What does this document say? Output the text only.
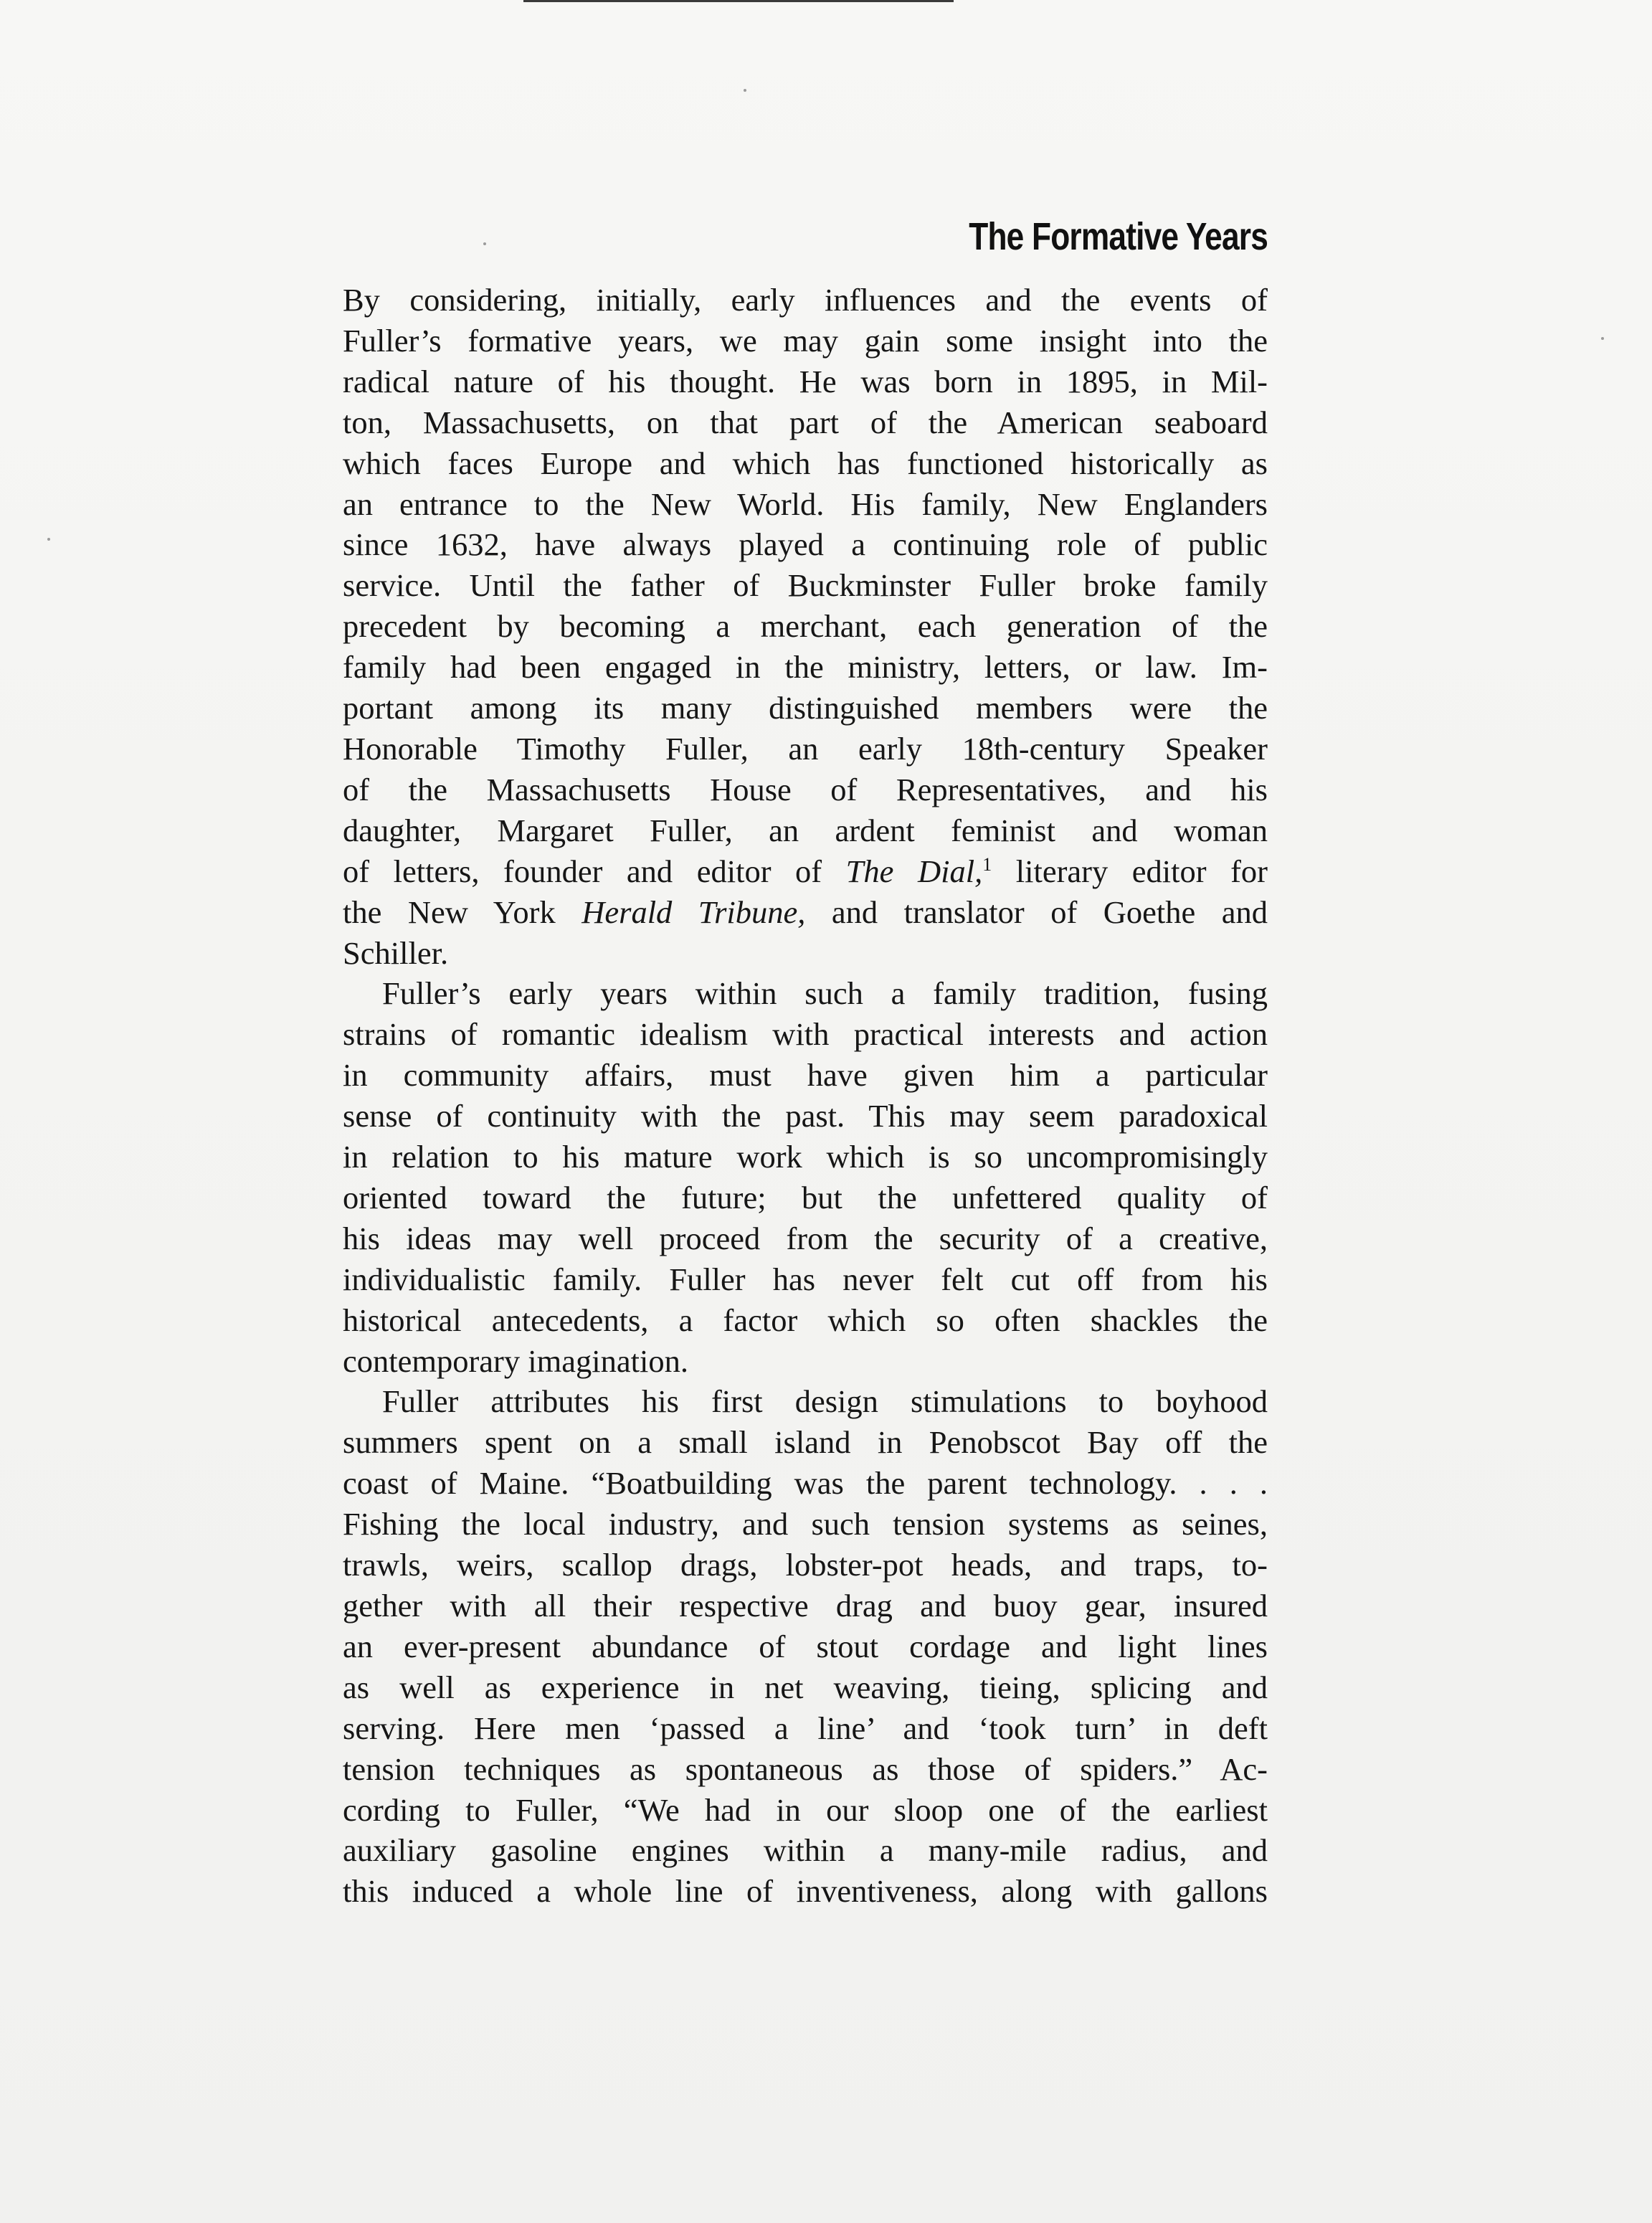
The Formative Years

By considering, initially, early influences and the events of
Fuller’s formative years, we may gain some insight into the
radical nature of his thought. He was born in 1895, in Mil-
ton, Massachusetts, on that part of the American seaboard
which faces Europe and which has functioned historically as
an entrance to the New World. His family, New Englanders
since 1632, have always played a continuing role of public
service. Until the father of Buckminster Fuller broke family
precedent by becoming a merchant, each generation of the
family had been engaged in the ministry, letters, or law. Im-
portant among its many distinguished members were the
Honorable Timothy Fuller, an early 18th-century Speaker
of the Massachusetts House of Representatives, and his
daughter, Margaret Fuller, an ardent feminist and woman
of letters, founder and editor of The Dial,$^1$ literary editor for
the New York Herald Tribune, and translator of Goethe and
Schiller.

Fuller’s early years within such a family tradition, fusing
strains of romantic idealism with practical interests and action
in community affairs, must have given him a particular
sense of continuity with the past. This may seem paradoxical
in relation to his mature work which is so uncompromisingly
oriented toward the future; but the unfettered quality of
his ideas may well proceed from the security of a creative,
individualistic family. Fuller has never felt cut off from his
historical antecedents, a factor which so often shackles the
contemporary imagination.

Fuller attributes his first design stimulations to boyhood
summers spent on a small island in Penobscot Bay off the
coast of Maine. “Boatbuilding was the parent technology. . . .
Fishing the local industry, and such tension systems as seines,
trawls, weirs, scallop drags, lobster-pot heads, and traps, to-
gether with all their respective drag and buoy gear, insured
an ever-present abundance of stout cordage and light lines
as well as experience in net weaving, tieing, splicing and
serving. Here men ‘passed a line’ and ‘took turn’ in deft
tension techniques as spontaneous as those of spiders.” Ac-
cording to Fuller, “We had in our sloop one of the earliest
auxiliary gasoline engines within a many-mile radius, and
this induced a whole line of inventiveness, along with gallons
